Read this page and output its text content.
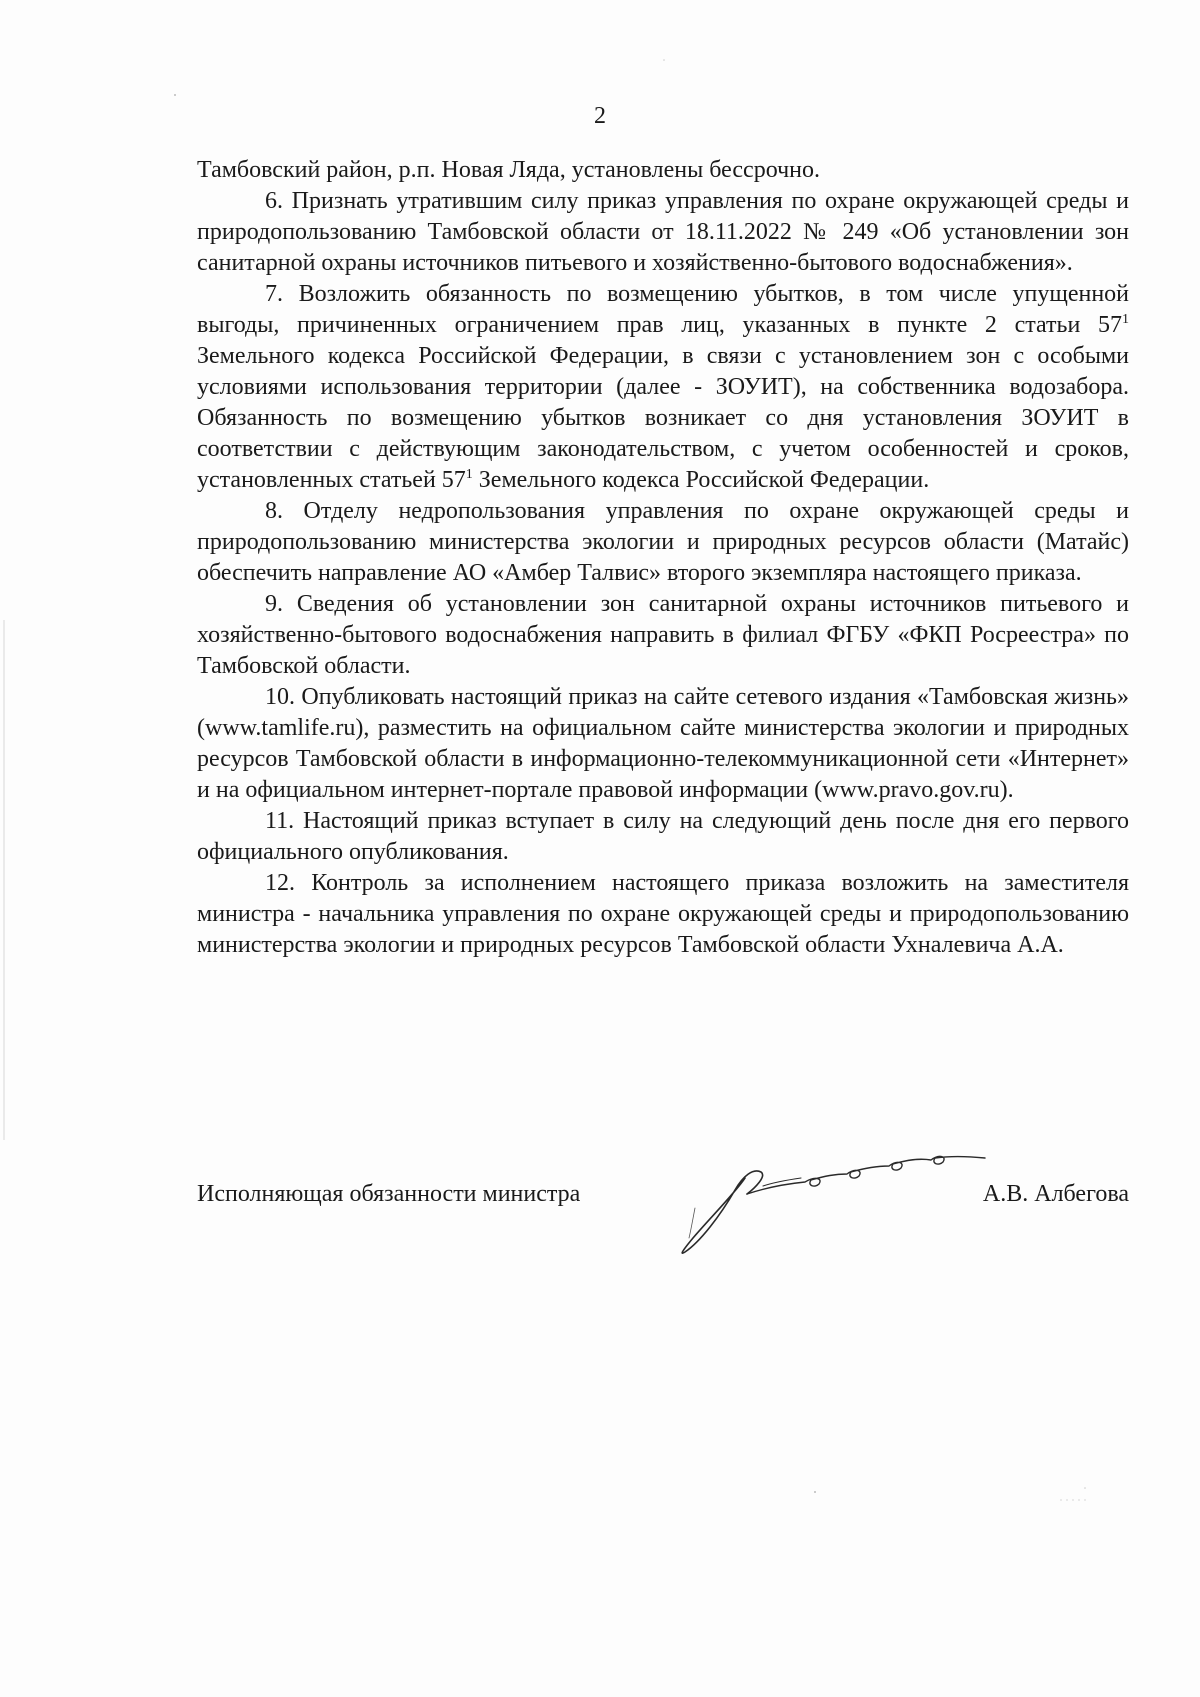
2

Тамбовский район, р.п. Новая Ляда, установлены бессрочно.

6. Признать утратившим силу приказ управления по охране окружающей среды и природопользованию Тамбовской области от 18.11.2022 № 249 «Об установлении зон санитарной охраны источников питьевого и хозяйственно-бытового водоснабжения».

7. Возложить обязанность по возмещению убытков, в том числе упущенной выгоды, причиненных ограничением прав лиц, указанных в пункте 2 статьи $57^1$ Земельного кодекса Российской Федерации, в связи с установлением зон с особыми условиями использования территории (далее - ЗОУИТ), на собственника водозабора. Обязанность по возмещению убытков возникает со дня установления ЗОУИТ в соответствии с действующим законодательством, с учетом особенностей и сроков, установленных статьей $57^1$ Земельного кодекса Российской Федерации.

8. Отделу недропользования управления по охране окружающей среды и природопользованию министерства экологии и природных ресурсов области (Матайс) обеспечить направление АО «Амбер Талвис» второго экземпляра настоящего приказа.

9. Сведения об установлении зон санитарной охраны источников питьевого и хозяйственно-бытового водоснабжения направить в филиал ФГБУ «ФКП Росреестра» по Тамбовской области.

10. Опубликовать настоящий приказ на сайте сетевого издания «Тамбовская жизнь» (www.tamlife.ru), разместить на официальном сайте министерства экологии и природных ресурсов Тамбовской области в информационно-телекоммуникационной сети «Интернет» и на официальном интернет-портале правовой информации (www.pravo.gov.ru).

11. Настоящий приказ вступает в силу на следующий день после дня его первого официального опубликования.

12. Контроль за исполнением настоящего приказа возложить на заместителя министра - начальника управления по охране окружающей среды и природопользованию министерства экологии и природных ресурсов Тамбовской области Ухналевича А.А.

Исполняющая обязанности министра	А.В. Албегова
